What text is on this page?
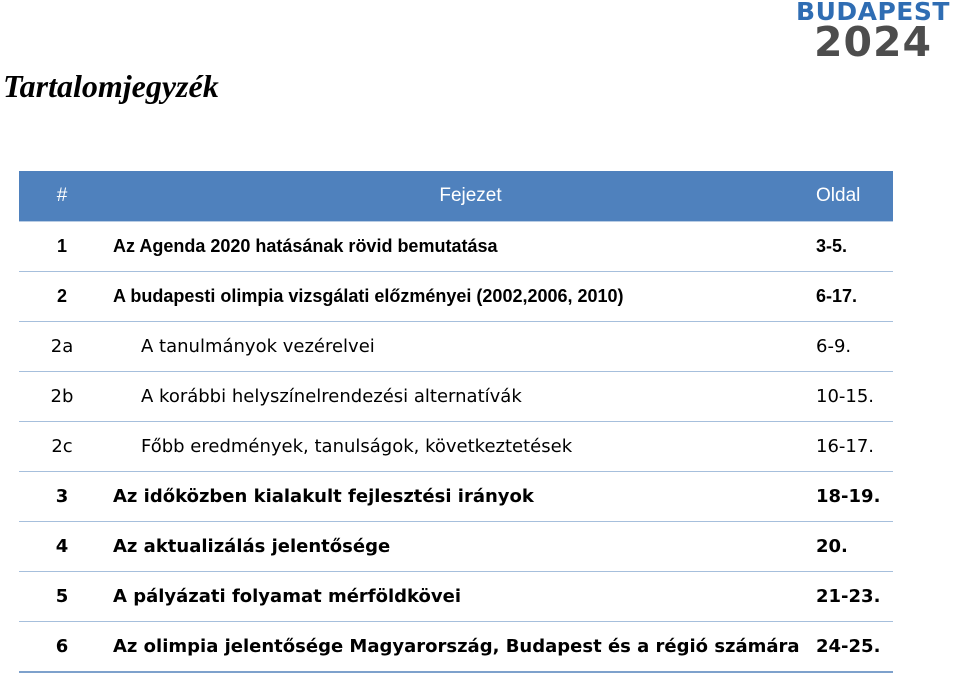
BUDAPEST
2024
Tartalomjegyzék
#	Fejezet	Oldal
1	Az Agenda 2020 hatásának rövid bemutatása	3-5.
2	A budapesti olimpia vizsgálati előzményei (2002,2006, 2010)	6-17.
2a	A tanulmányok vezérelvei	6-9.
2b	A korábbi helyszínelrendezési alternatívák	10-15.
2c	Főbb eredmények, tanulságok, következtetések	16-17.
3	Az időközben kialakult fejlesztési irányok	18-19.
4	Az aktualizálás jelentősége	20.
5	A pályázati folyamat mérföldkövei	21-23.
6	Az olimpia jelentősége Magyarország, Budapest és a régió számára	24-25.
